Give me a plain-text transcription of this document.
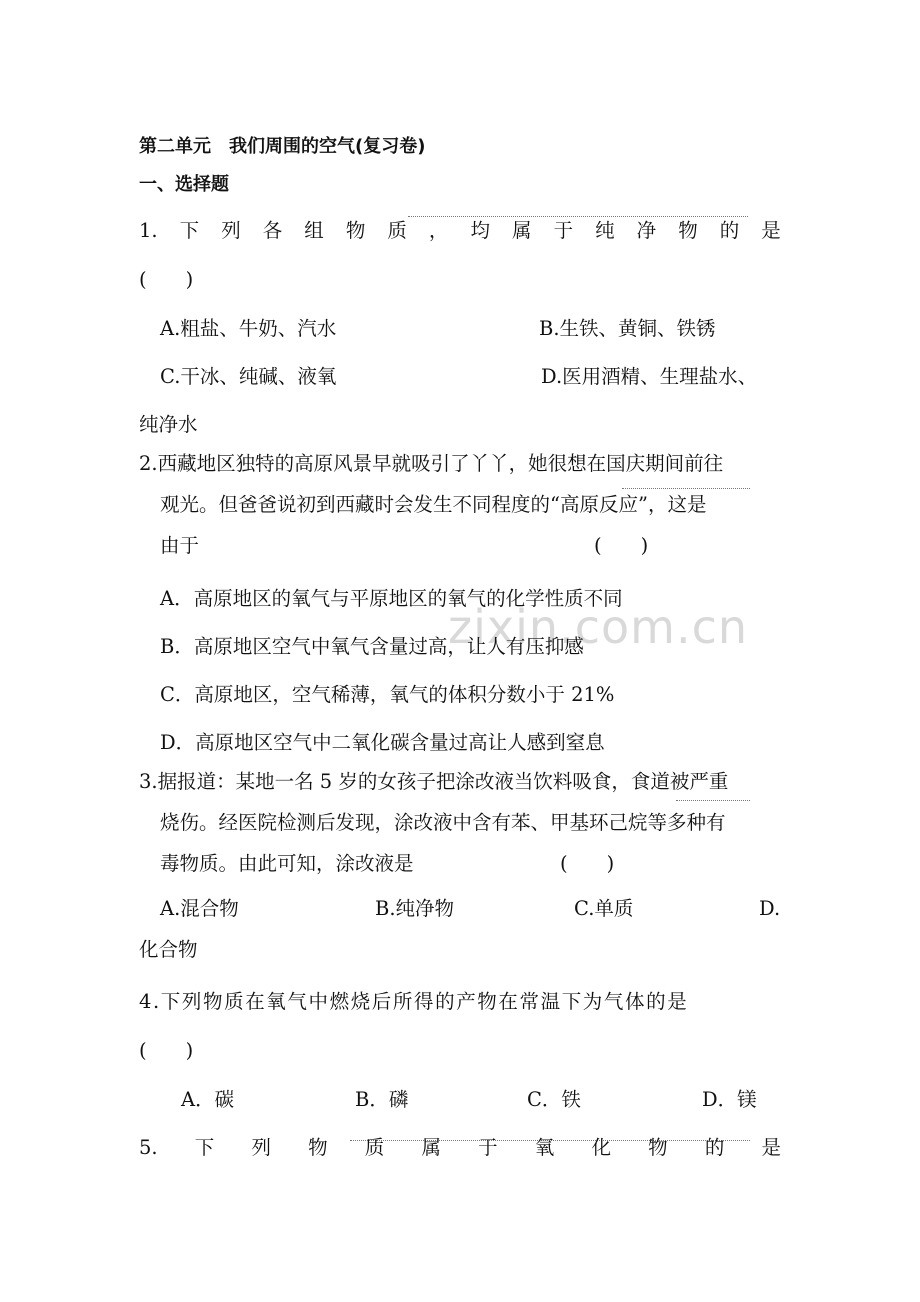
zixin.com.cn
第二单元　我们周围的空气(复习卷)
一、选择题
1. 下 列 各 组 物 质 ， 均 属 于 纯 净 物 的 是
(　　)
A.粗盐、牛奶、汽水	B.生铁、黄铜、铁锈
C.干冰、纯碱、液氧	D.医用酒精、生理盐水、
纯净水
2.西藏地区独特的高原风景早就吸引了丫丫，她很想在国庆期间前往
观光。但爸爸说初到西藏时会发生不同程度的“高原反应”，这是
由于	(　　)
A．高原地区的氧气与平原地区的氧气的化学性质不同
B．高原地区空气中氧气含量过高，让人有压抑感
C．高原地区，空气稀薄，氧气的体积分数小于 21%
D．高原地区空气中二氧化碳含量过高让人感到窒息
3.据报道：某地一名 5 岁的女孩子把涂改液当饮料吸食，食道被严重
烧伤。经医院检测后发现，涂改液中含有苯、甲基环己烷等多种有
毒物质。由此可知，涂改液是	(　　)
A.混合物	B.纯净物	C.单质	D.
化合物
4.下列物质在氧气中燃烧后所得的产物在常温下为气体的是
(　　)
A．碳	B．磷	C．铁	D．镁
5. 下 列 物 质 属 于 氧 化 物 的 是
